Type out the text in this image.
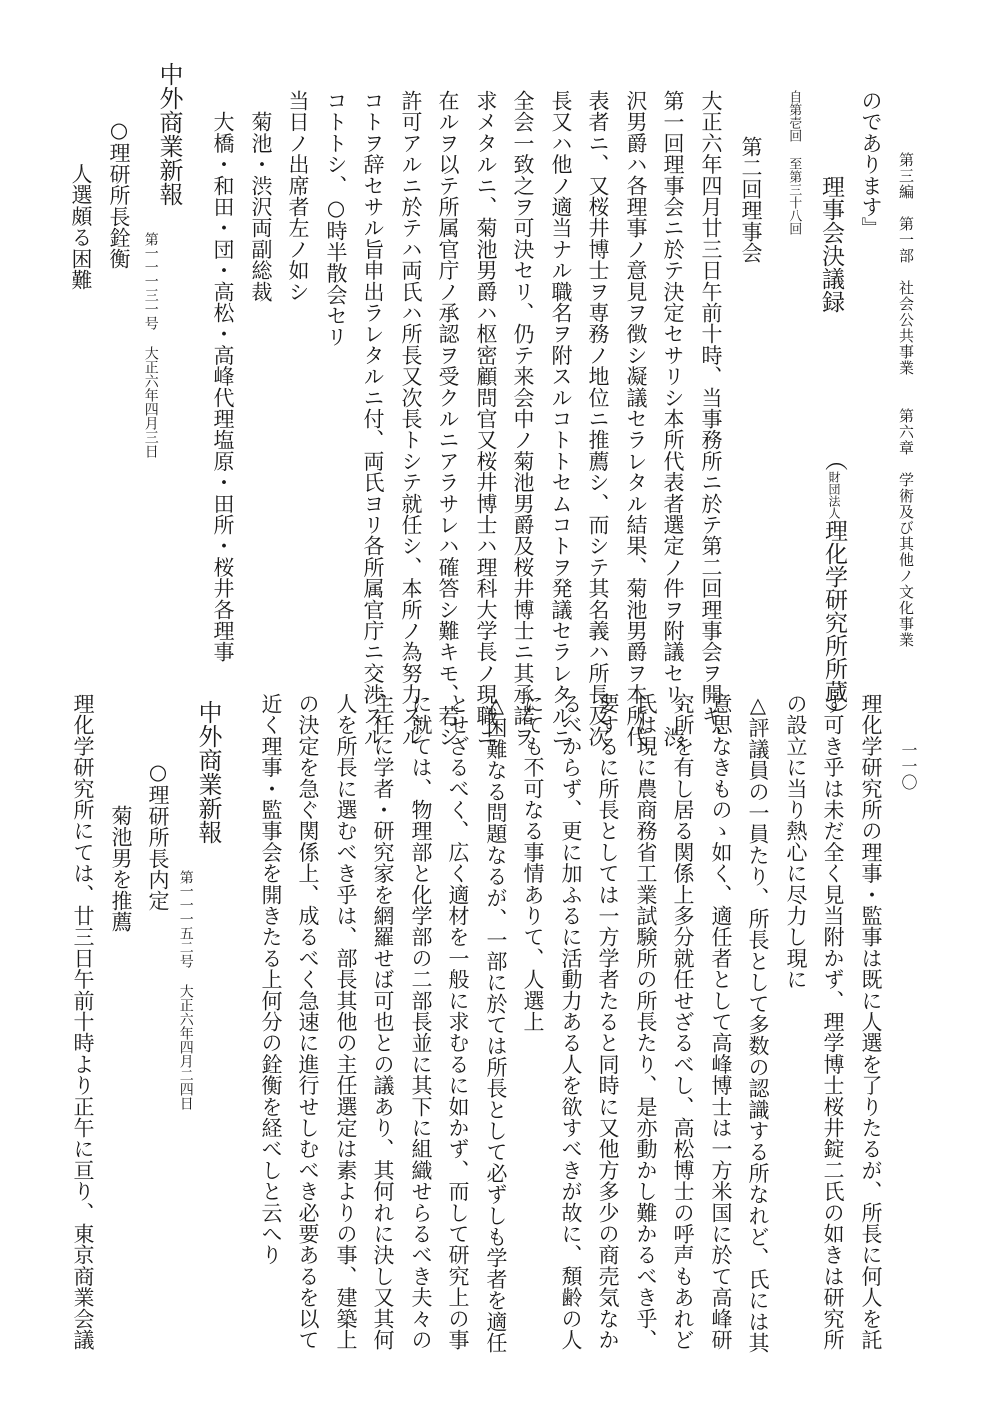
第三編　第一部　社会公共事業　　第六章　学術及び其他ノ文化事業
一一〇
のであります』
自第壱回 至第三十八回 理事会決議録
（財団法人理化学研究所所蔵）
第二回理事会
大正六年四月廿三日午前十時、当事務所ニ於テ第二回理事会ヲ開キ、
第一回理事会ニ於テ決定セサリシ本所代表者選定ノ件ヲ附議セリ、渋
沢男爵ハ各理事ノ意見ヲ徴シ凝議セラレタル結果、菊池男爵ヲ本所代
表者ニ、又桜井博士ヲ専務ノ地位ニ推薦シ、而シテ其名義ハ所長及次
長又ハ他ノ適当ナル職名ヲ附スルコトトセムコトヲ発議セラレタルニ
全会一致之ヲ可決セリ、仍テ来会中ノ菊池男爵及桜井博士ニ其承諾ヲ
求メタルニ、菊池男爵ハ枢密顧問官又桜井博士ハ理科大学長ノ現職ニ
在ルヲ以テ所属官庁ノ承認ヲ受クルニアラサレハ確答シ難キモ、若シ
許可アルニ於テハ両氏ハ所長又次長トシテ就任シ、本所ノ為努力スル
コトヲ辞セサル旨申出ラレタルニ付、両氏ヨリ各所属官庁ニ交渉スル
コトトシ、○時半散会セリ
当日ノ出席者左ノ如シ
　菊池・渋沢両副総裁
　大橋・和田・団・高松・高峰代理塩原・田所・桜井各理事
中外商業新報
第一一一三一号 大正六年四月三日
○理研所長銓衡
人選頗る困難
理化学研究所の理事・監事は既に人選を了りたるが、所長に何人を託
す可き乎は未だ全く見当附かず、理学博士桜井錠二氏の如きは研究所
の設立に当り熱心に尽力し現に
△評議員の一員たり、所長として多数の認識する所なれど、氏には其
意思なきものゝ如く、適任者として高峰博士は一方米国に於て高峰研
究所を有し居る関係上多分就任せざるべし、高松博士の呼声もあれど
氏は現に農商務省工業試験所の所長たり、是亦動かし難かるべき乎、
要するに所長としては一方学者たると同時に又他方多少の商売気なか
るべからず、更に加ふるに活動力ある人を欲すべきが故に、頽齢の人
にても不可なる事情ありて、人選上
△困難なる問題なるが、一部に於ては所長として必ずしも学者を適任
とせざるべく、広く適材を一般に求むるに如かず、而して研究上の事
に就ては、物理部と化学部の二部長並に其下に組織せらるべき夫々の
主任に学者・研究家を網羅せば可也との議あり、其何れに決し又其何
人を所長に選むべき乎は、部長其他の主任選定は素よりの事、建築上
の決定を急ぐ関係上、成るべく急速に進行せしむべき必要あるを以て
近く理事・監事会を開きたる上何分の銓衡を経べしと云へり
中外商業新報
第一一一五二号 大正六年四月二四日
○理研所長内定
菊池男を推薦
理化学研究所にては、廿三日午前十時より正午に亘り、東京商業会議
